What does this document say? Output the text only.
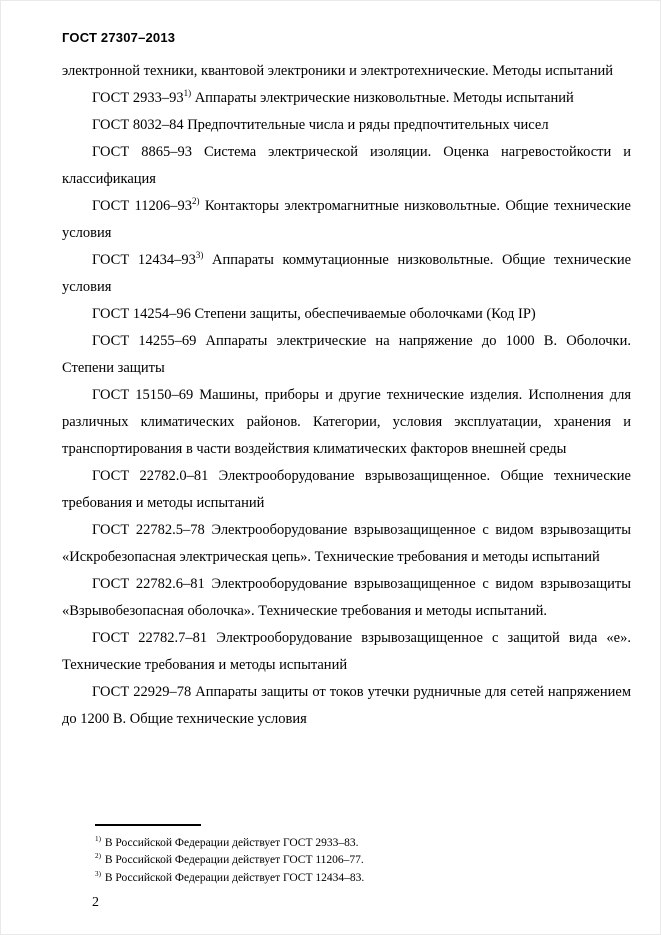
ГОСТ 27307–2013

электронной техники, квантовой электроники и электротехнические. Методы испытаний

ГОСТ 2933–93$^{1)}$ Аппараты электрические низковольтные. Методы испытаний

ГОСТ 8032–84 Предпочтительные числа и ряды предпочтительных чисел

ГОСТ 8865–93 Система электрической изоляции. Оценка нагревостойкости и классификация

ГОСТ 11206–93$^{2)}$ Контакторы электромагнитные низковольтные. Общие технические условия

ГОСТ 12434–93$^{3)}$ Аппараты коммутационные низковольтные. Общие технические условия

ГОСТ 14254–96 Степени защиты, обеспечиваемые оболочками (Код IP)

ГОСТ 14255–69 Аппараты электрические на напряжение до 1000 В. Оболочки. Степени защиты

ГОСТ 15150–69 Машины, приборы и другие технические изделия. Исполнения для различных климатических районов. Категории, условия эксплуатации, хранения и транспортирования в части воздействия климатических факторов внешней среды

ГОСТ 22782.0–81 Электрооборудование взрывозащищенное. Общие технические требования и методы испытаний

ГОСТ 22782.5–78 Электрооборудование взрывозащищенное с видом взрывозащиты «Искробезопасная электрическая цепь». Технические требования и методы испытаний

ГОСТ 22782.6–81 Электрооборудование взрывозащищенное с видом взрывозащиты «Взрывобезопасная оболочка». Технические требования и методы испытаний.

ГОСТ 22782.7–81 Электрооборудование взрывозащищенное с защитой вида «е». Технические требования и методы испытаний

ГОСТ 22929–78 Аппараты защиты от токов утечки рудничные для сетей напряжением до 1200 В. Общие технические условия

$^{1)}$ В Российской Федерации действует ГОСТ 2933–83.

$^{2)}$ В Российской Федерации действует ГОСТ 11206–77.

$^{3)}$ В Российской Федерации действует ГОСТ 12434–83.

2
